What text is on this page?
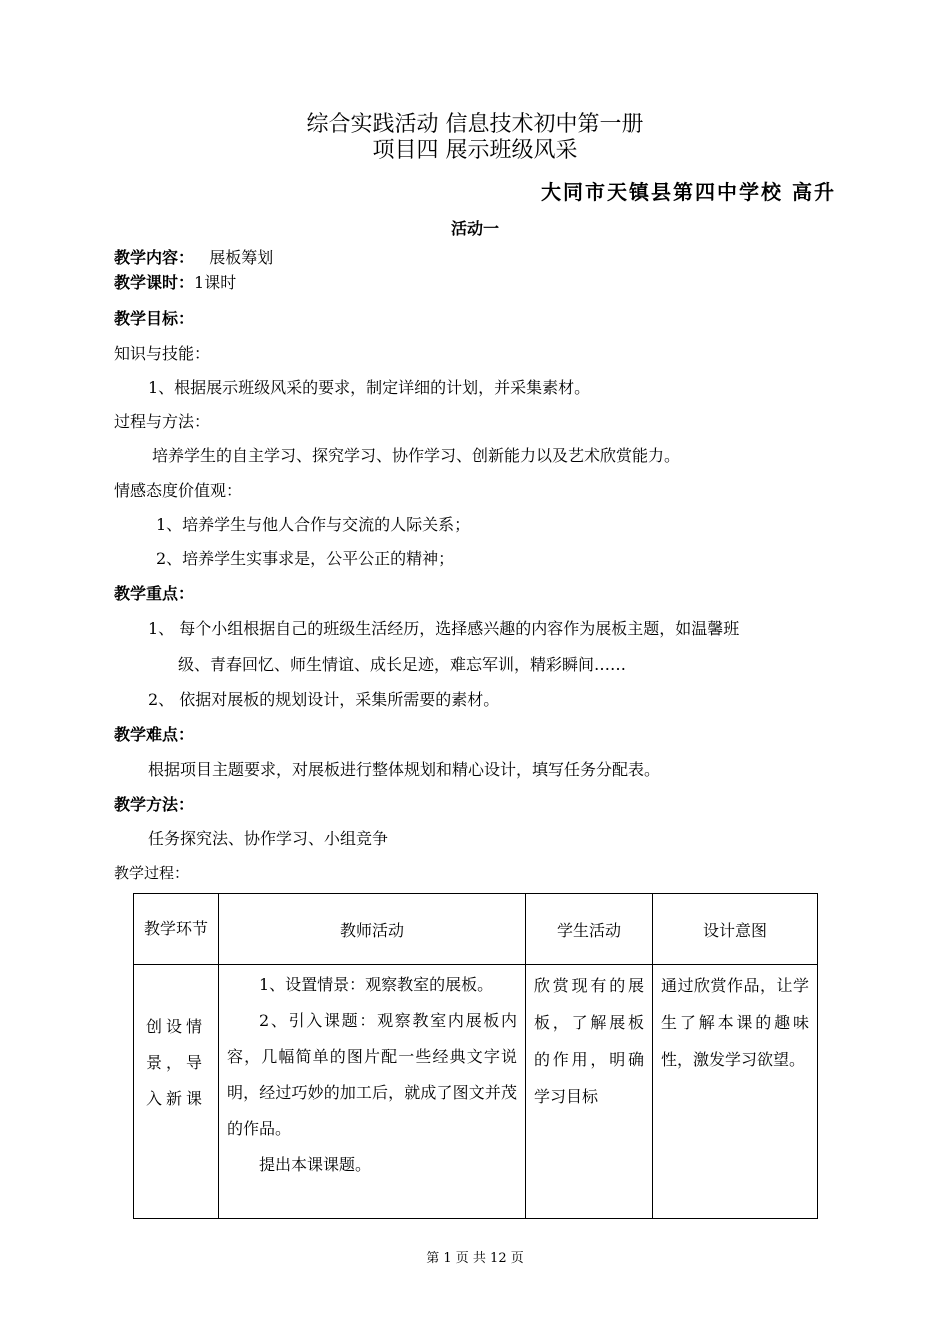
综合实践活动 信息技术初中第一册
项目四 展示班级风采
大同市天镇县第四中学校 高升
活动一
教学内容：   展板筹划
教学课时：1课时
教学目标：
知识与技能：
1、根据展示班级风采的要求，制定详细的计划，并采集素材。
过程与方法：
培养学生的自主学习、探究学习、协作学习、创新能力以及艺术欣赏能力。
情感态度价值观：
1、培养学生与他人合作与交流的人际关系；
2、培养学生实事求是，公平公正的精神；
教学重点：
1、 每个小组根据自己的班级生活经历，选择感兴趣的内容作为展板主题，如温馨班
级、青春回忆、师生情谊、成长足迹，难忘军训，精彩瞬间……
2、 依据对展板的规划设计，采集所需要的素材。
教学难点：
根据项目主题要求，对展板进行整体规划和精心设计，填写任务分配表。
教学方法：
任务探究法、协作学习、小组竞争
教学过程：
教学环节	教师活动	学生活动	设计意图
创设情景，导入新课	1、设置情景：观察教室的展板。

2、引入课题：观察教室内展板内容，几幅简单的图片配一些经典文字说明，经过巧妙的加工后，就成了图文并茂的作品。

提出本课课题。	欣赏现有的展板，了解展板的作用，明确学习目标	通过欣赏作品，让学生了解本课的趣味性，激发学习欲望。
第 1 页 共 12 页
